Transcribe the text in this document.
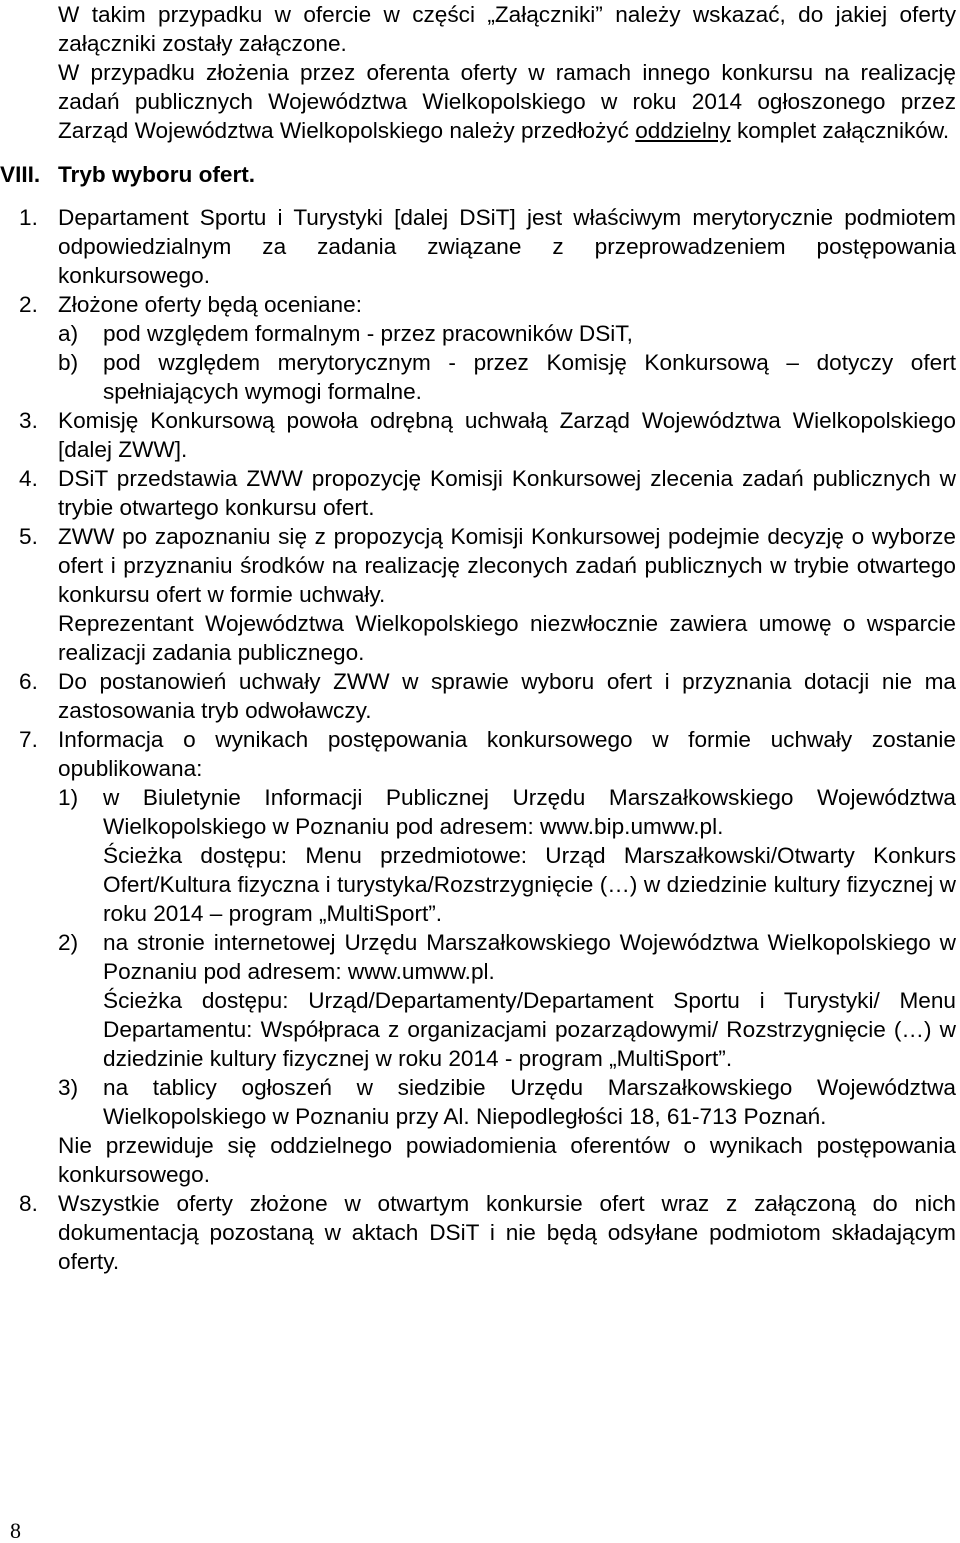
W takim przypadku w ofercie w części „Załączniki” należy wskazać, do jakiej oferty załączniki zostały załączone.

W przypadku złożenia przez oferenta oferty w ramach innego konkursu na realizację zadań publicznych Województwa Wielkopolskiego w roku 2014 ogłoszonego przez Zarząd Województwa Wielkopolskiego należy przedłożyć oddzielny komplet załączników.

VIII. Tryb wyboru ofert.

1. Departament Sportu i Turystyki [dalej DSiT] jest właściwym merytorycznie podmiotem odpowiedzialnym za zadania związane z przeprowadzeniem postępowania konkursowego.

2. Złożone oferty będą oceniane:

a) pod względem formalnym - przez pracowników DSiT,

b) pod względem merytorycznym - przez Komisję Konkursową – dotyczy ofert spełniających wymogi formalne.

3. Komisję Konkursową powoła odrębną uchwałą Zarząd Województwa Wielkopolskiego [dalej ZWW].

4. DSiT przedstawia ZWW propozycję Komisji Konkursowej zlecenia zadań publicznych w trybie otwartego konkursu ofert.

5. ZWW po zapoznaniu się z propozycją Komisji Konkursowej podejmie decyzję o wyborze ofert i przyznaniu środków na realizację zleconych zadań publicznych w trybie otwartego konkursu ofert w formie uchwały.

Reprezentant Województwa Wielkopolskiego niezwłocznie zawiera umowę o wsparcie realizacji zadania publicznego.

6. Do postanowień uchwały ZWW w sprawie wyboru ofert i przyznania dotacji nie ma zastosowania tryb odwoławczy.

7. Informacja o wynikach postępowania konkursowego w formie uchwały zostanie opublikowana:

1) w Biuletynie Informacji Publicznej Urzędu Marszałkowskiego Województwa Wielkopolskiego w Poznaniu pod adresem: www.bip.umww.pl.

Ścieżka dostępu: Menu przedmiotowe: Urząd Marszałkowski/Otwarty Konkurs Ofert/Kultura fizyczna i turystyka/Rozstrzygnięcie (…) w dziedzinie kultury fizycznej w roku 2014 – program „MultiSport”.

2) na stronie internetowej Urzędu Marszałkowskiego Województwa Wielkopolskiego w Poznaniu pod adresem: www.umww.pl.

Ścieżka dostępu: Urząd/Departamenty/Departament Sportu i Turystyki/ Menu Departamentu: Współpraca z organizacjami pozarządowymi/ Rozstrzygnięcie (…) w dziedzinie kultury fizycznej w roku 2014 - program „MultiSport”.

3) na tablicy ogłoszeń w siedzibie Urzędu Marszałkowskiego Województwa Wielkopolskiego w Poznaniu przy Al. Niepodległości 18, 61-713 Poznań.

Nie przewiduje się oddzielnego powiadomienia oferentów o wynikach postępowania konkursowego.

8. Wszystkie oferty złożone w otwartym konkursie ofert wraz z załączoną do nich dokumentacją pozostaną w aktach DSiT i nie będą odsyłane podmiotom składającym oferty.

8
